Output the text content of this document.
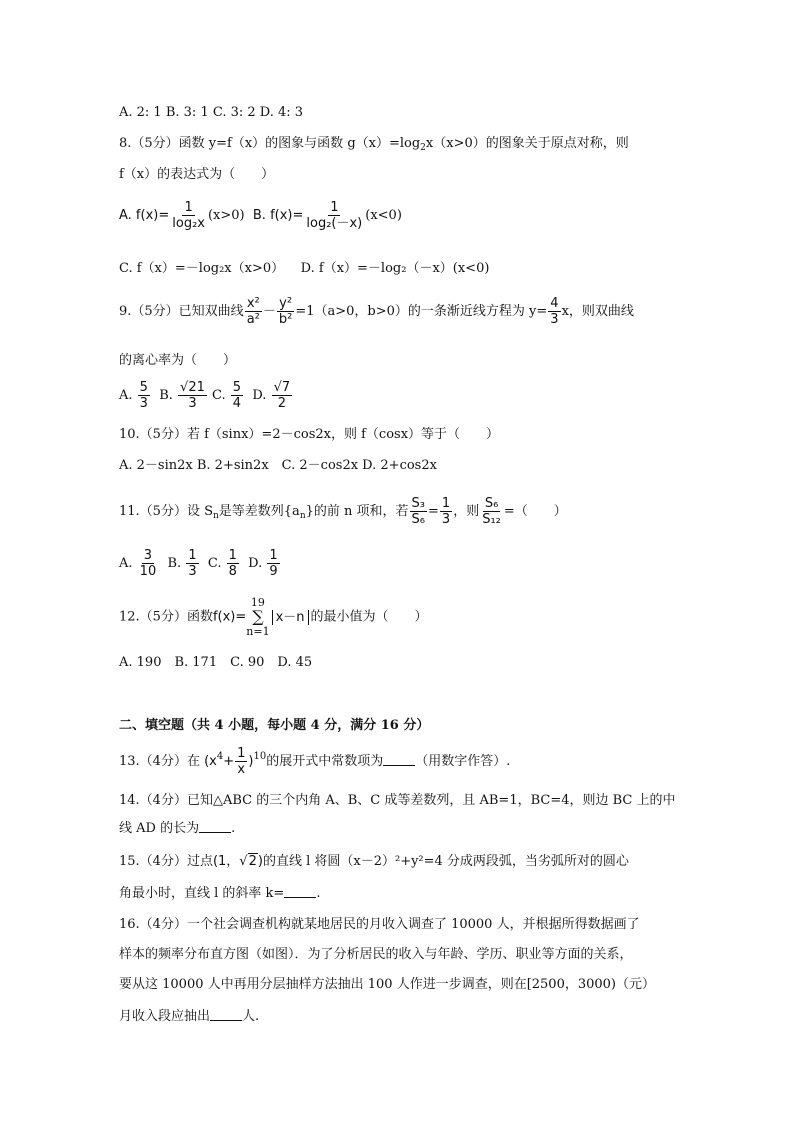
A. 2: 1 B. 3: 1 C. 3: 2 D. 4: 3
8.（5分）函数 y=f（x）的图象与函数 $g(x)=\log_2x(x>0)$的图象关于原点对称，则
f（x）的表达式为（　　）
A. $f(x)= \frac{1}{\text{log₂x}} (x>0)$ B. $f(x)= \frac{1}{\text{log₂(－x)}} (x<0)$
C. f（x）=－log₂x（x>0） D. f（x）=－log₂（－x）(x<0)
9.（5分）已知双曲线 $\frac{\text{x²}}{\text{a²}} - \frac{\text{y²}}{\text{b²}} =1(a>0$，b>0）的一条渐近线方程为 $y= \frac{4}{3}$ x，则双曲线
的离心率为（　　）
A. $\frac{5}{3} B$. $\frac{√21}{3} C$. $\frac{5}{4} D$. $\frac{√7}{2}$
10.（5分）若 f（sinx）=2－cos2x，则 f（cosx）等于（　　）
A. 2－sin2x B. 2+sin2x　C. 2－cos2x D. 2+cos2x
11.（5分）设 $S_n$是等差数列$\{a_n\}$的前 n 项和，若 $\frac{\text{S₃}}{\text{S₆}} = \frac{1}{3}$ ，则 $\frac{\text{S₆}}{\text{S₁₂}}$ =（　　）
A. $\frac{3}{10} B$. $\frac{1}{3} C$. $\frac{1}{8} D$. $\frac{1}{9}$
12.（5分）函数f(x)=
19
∑
n=1
x－n 的最小值为（　　）
A. 190　B. 171　C. 90　D. 45
二、填空题（共 4 小题，每小题 4 分，满分 16 分）
13.（4分）在 $(x^4+ \frac{1}{x} )^{10}$的展开式中常数项为 （用数字作答）.
14.（4分）已知△ABC 的三个内角 A、B、C 成等差数列，且 AB=1，BC=4，则边 BC 上的中
线 AD 的长为 .
15.（4分）过点(1，√2)的直线 l 将圆（x－2）²+y²=4 分成两段弧，当劣弧所对的圆心
角最小时，直线 l 的斜率 k= .
16.（4分）一个社会调查机构就某地居民的月收入调查了 10000 人，并根据所得数据画了
样本的频率分布直方图（如图）．为了分析居民的收入与年龄、学历、职业等方面的关系，
要从这 10000 人中再用分层抽样方法抽出 100 人作进一步调查，则在[2500，3000)（元）
月收入段应抽出 人.
